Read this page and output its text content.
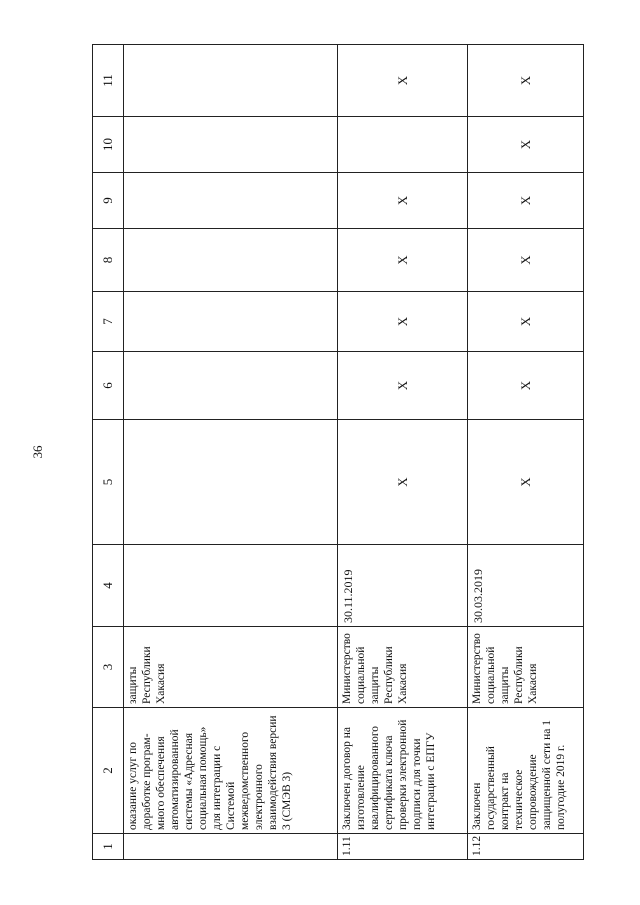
36
1	2	3	4	5	6	7	8	9	10	11
	оказание услуг по доработке програм-много обеспечения автоматизированной системы «Адресная социальная помощь» для интеграции с Системой межведомственного электронного взаимодействия версии 3 (СМЭВ 3)	защиты Республики Хакасия								
1.11	Заключен договор на изготовление квалифицированного сертификата ключа проверки электронной подписи для точки интеграции с ЕПГУ	Министерство социальной защиты Республики Хакасия	30.11.2019	Х	Х	Х	Х	Х		Х
1.12	Заключен государственный контракт на техническое сопровождение защищенной сети на 1 полугодие 2019 г.	Министерство социальной защиты Республики Хакасия	30.03.2019	Х	Х	Х	Х	Х	Х	Х
